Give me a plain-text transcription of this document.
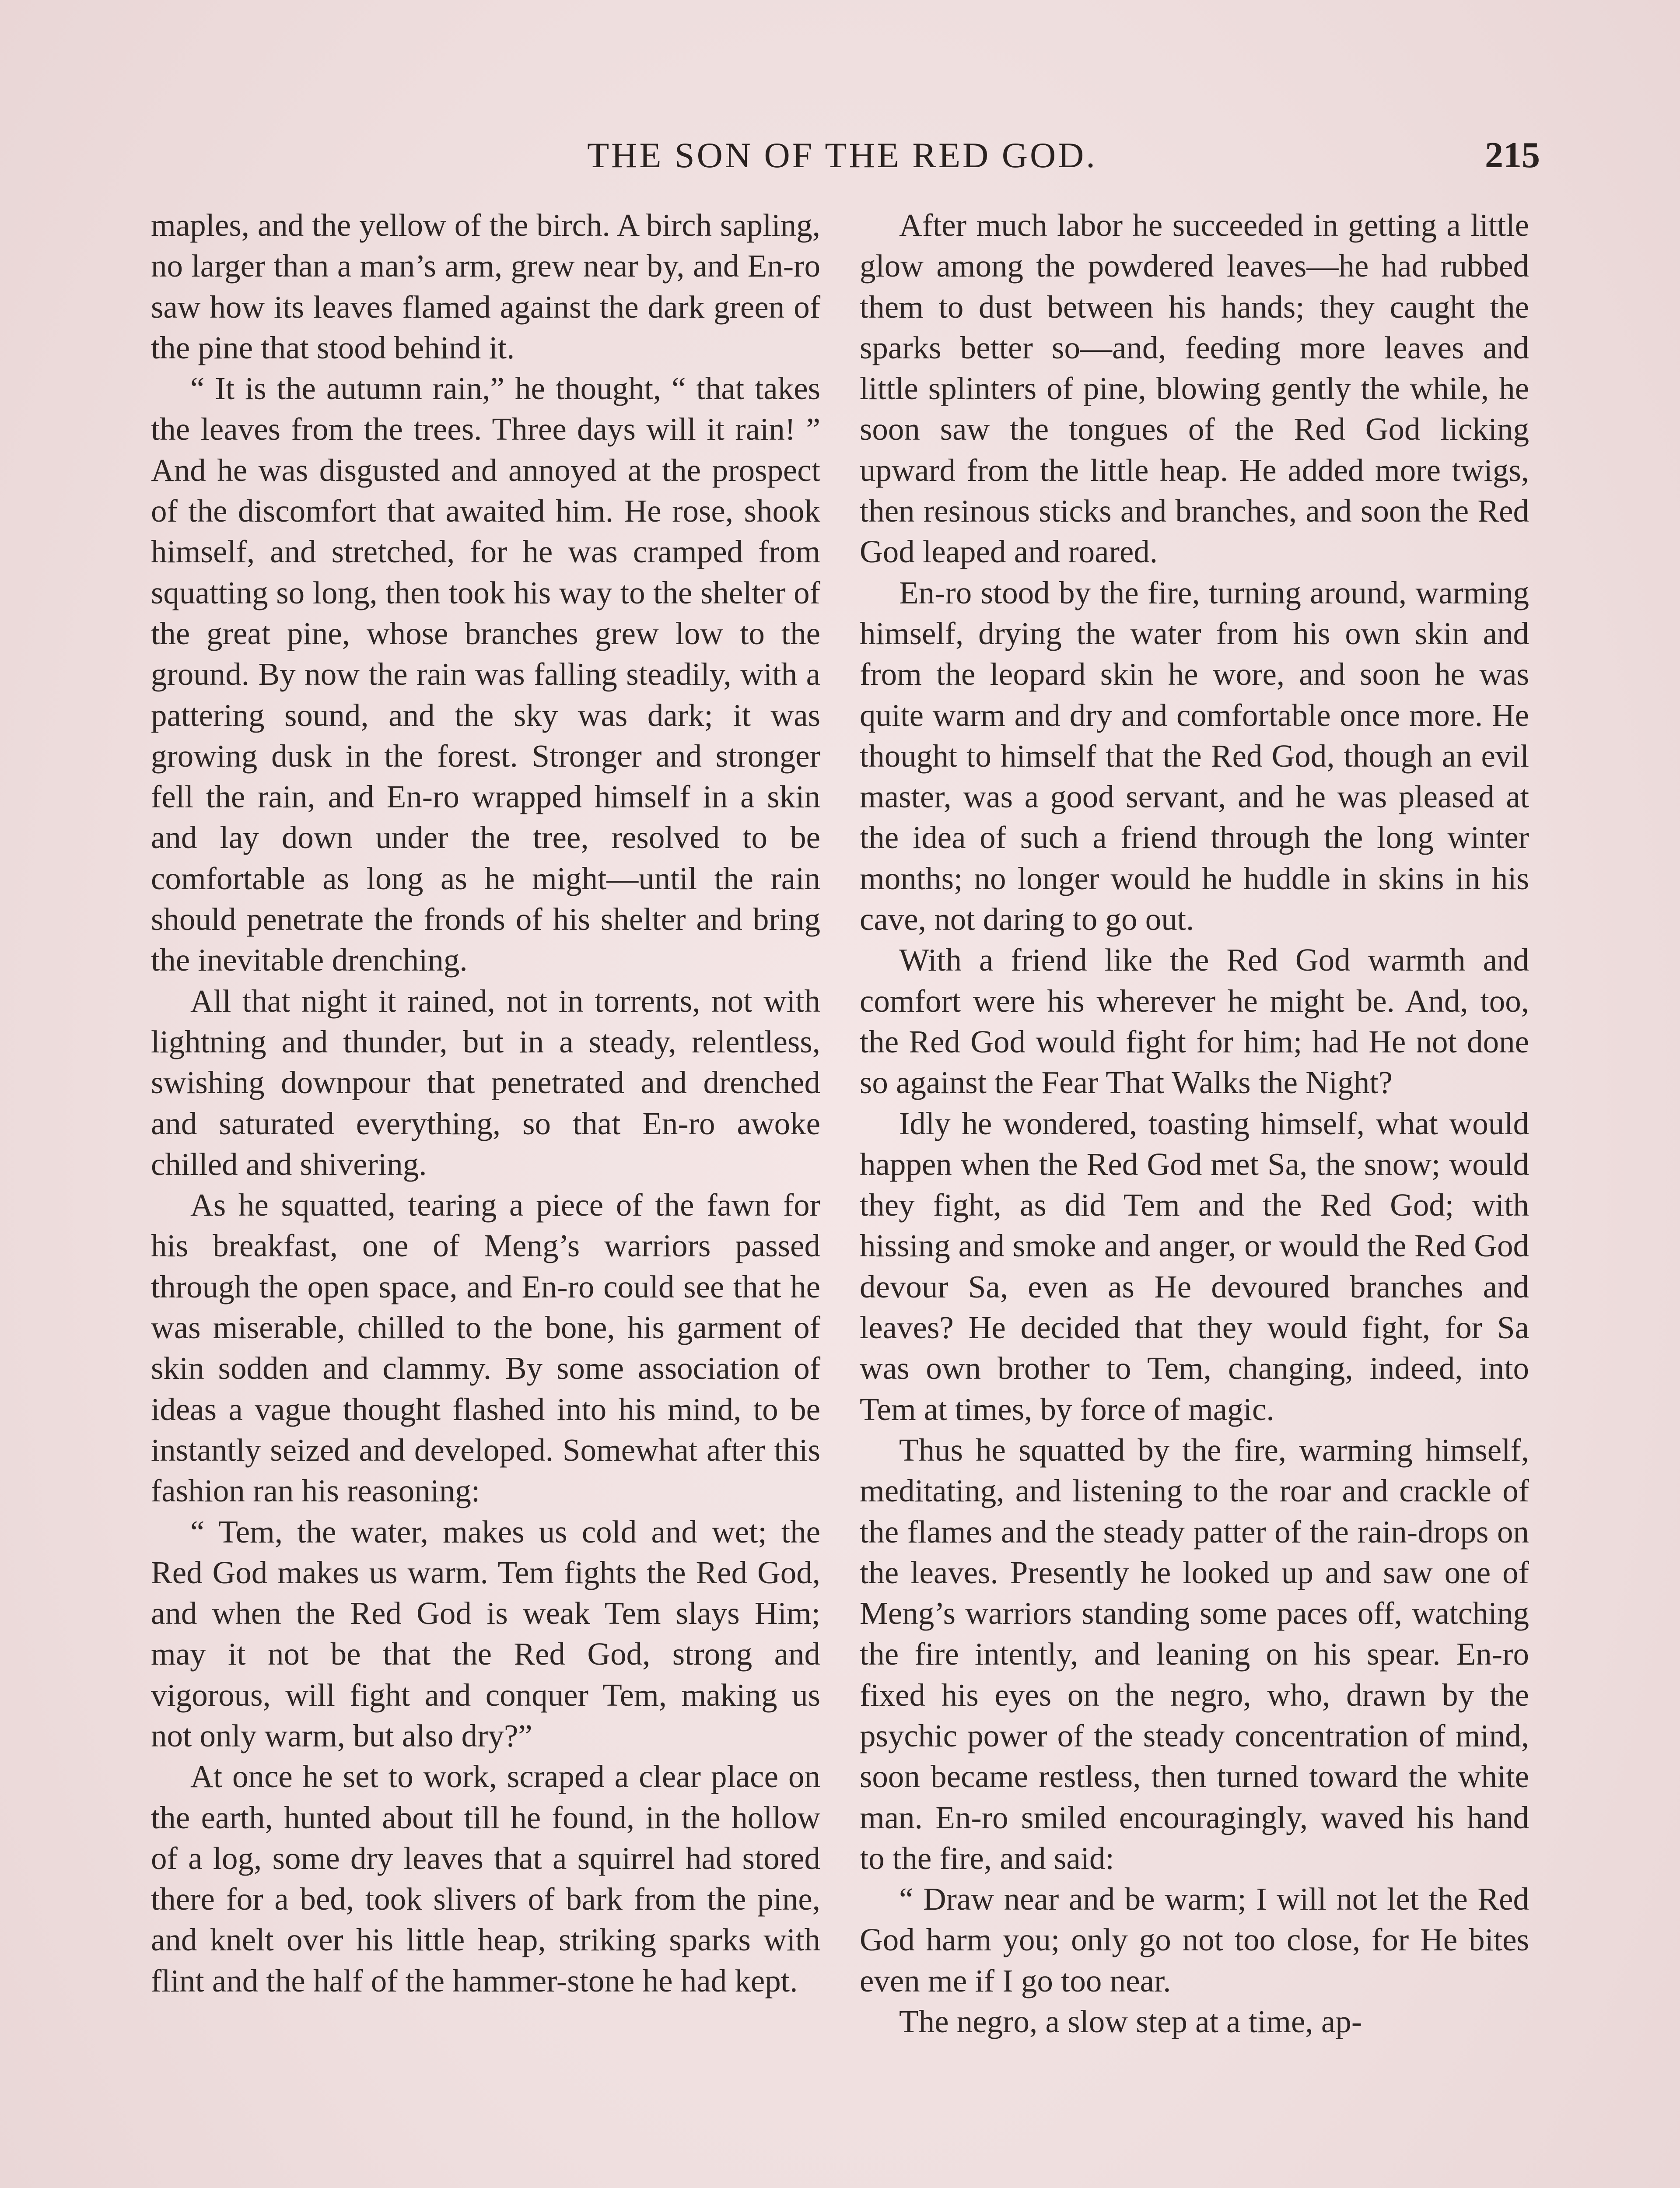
THE SON OF THE RED GOD.	215

maples, and the yellow of the birch. A birch sapling, no larger than a man’s arm, grew near by, and En-ro saw how its leaves flamed against the dark green of the pine that stood behind it.

“ It is the autumn rain,” he thought, “ that takes the leaves from the trees. Three days will it rain! ” And he was disgusted and annoyed at the prospect of the discomfort that awaited him. He rose, shook himself, and stretched, for he was cramped from squatting so long, then took his way to the shelter of the great pine, whose branches grew low to the ground. By now the rain was falling steadily, with a pattering sound, and the sky was dark; it was growing dusk in the forest. Stronger and stronger fell the rain, and En-ro wrapped himself in a skin and lay down under the tree, resolved to be comfortable as long as he might—until the rain should penetrate the fronds of his shelter and bring the inevitable drenching.

All that night it rained, not in torrents, not with lightning and thunder, but in a steady, relentless, swishing downpour that penetrated and drenched and saturated everything, so that En-ro awoke chilled and shivering.

As he squatted, tearing a piece of the fawn for his breakfast, one of Meng’s warriors passed through the open space, and En-ro could see that he was miserable, chilled to the bone, his garment of skin sodden and clammy. By some association of ideas a vague thought flashed into his mind, to be instantly seized and developed. Somewhat after this fashion ran his reasoning:

“ Tem, the water, makes us cold and wet; the Red God makes us warm. Tem fights the Red God, and when the Red God is weak Tem slays Him; may it not be that the Red God, strong and vigorous, will fight and conquer Tem, making us not only warm, but also dry?”

At once he set to work, scraped a clear place on the earth, hunted about till he found, in the hollow of a log, some dry leaves that a squirrel had stored there for a bed, took slivers of bark from the pine, and knelt over his little heap, striking sparks with flint and the half of the hammer-stone he had kept.

After much labor he succeeded in getting a little glow among the powdered leaves—he had rubbed them to dust between his hands; they caught the sparks better so—and, feeding more leaves and little splinters of pine, blowing gently the while, he soon saw the tongues of the Red God licking upward from the little heap. He added more twigs, then resinous sticks and branches, and soon the Red God leaped and roared.

En-ro stood by the fire, turning around, warming himself, drying the water from his own skin and from the leopard skin he wore, and soon he was quite warm and dry and comfortable once more. He thought to himself that the Red God, though an evil master, was a good servant, and he was pleased at the idea of such a friend through the long winter months; no longer would he huddle in skins in his cave, not daring to go out.

With a friend like the Red God warmth and comfort were his wherever he might be. And, too, the Red God would fight for him; had He not done so against the Fear That Walks the Night?

Idly he wondered, toasting himself, what would happen when the Red God met Sa, the snow; would they fight, as did Tem and the Red God; with hissing and smoke and anger, or would the Red God devour Sa, even as He devoured branches and leaves? He decided that they would fight, for Sa was own brother to Tem, changing, indeed, into Tem at times, by force of magic.

Thus he squatted by the fire, warming himself, meditating, and listening to the roar and crackle of the flames and the steady patter of the rain-drops on the leaves. Presently he looked up and saw one of Meng’s warriors standing some paces off, watching the fire intently, and leaning on his spear. En-ro fixed his eyes on the negro, who, drawn by the psychic power of the steady concentration of mind, soon became restless, then turned toward the white man. En-ro smiled encouragingly, waved his hand to the fire, and said:

“ Draw near and be warm; I will not let the Red God harm you; only go not too close, for He bites even me if I go too near.

The negro, a slow step at a time, ap-
